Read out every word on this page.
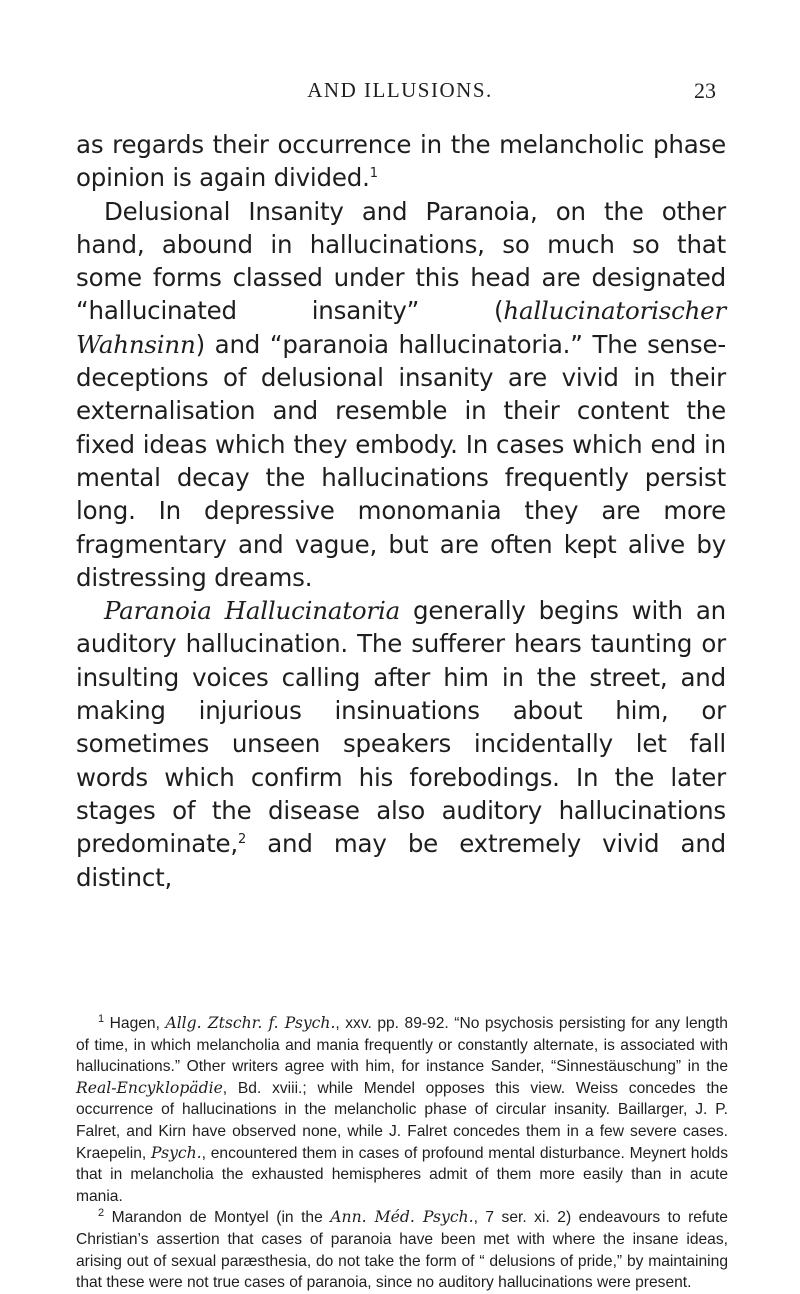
AND ILLUSIONS.	23

as regards their occurrence in the melancholic phase opinion is again divided.$^1$

Delusional Insanity and Paranoia, on the other hand, abound in hallucinations, so much so that some forms classed under this head are designated “hallucinated insanity” (hallucinatorischer Wahnsinn) and “paranoia hallucinatoria.” The sense-deceptions of delusional insanity are vivid in their externalisation and resemble in their content the fixed ideas which they embody. In cases which end in mental decay the hallucinations frequently persist long. In depressive monomania they are more fragmentary and vague, but are often kept alive by distressing dreams.

Paranoia Hallucinatoria generally begins with an auditory hallucination. The sufferer hears taunting or insulting voices calling after him in the street, and making injurious insinuations about him, or sometimes unseen speakers incidentally let fall words which confirm his forebodings. In the later stages of the disease also auditory hallucinations predominate,$^2$ and may be extremely vivid and distinct,

$^1$ Hagen, Allg. Ztschr. f. Psych., xxv. pp. 89-92. “No psychosis persisting for any length of time, in which melancholia and mania frequently or constantly alternate, is associated with hallucinations.” Other writers agree with him, for instance Sander, “Sinnestäuschung” in the Real-Encyklopädie, Bd. xviii.; while Mendel opposes this view. Weiss concedes the occurrence of hallucinations in the melancholic phase of circular insanity. Baillarger, J. P. Falret, and Kirn have observed none, while J. Falret concedes them in a few severe cases. Kraepelin, Psych., encountered them in cases of profound mental disturbance. Meynert holds that in melancholia the exhausted hemispheres admit of them more easily than in acute mania.

$^2$ Marandon de Montyel (in the Ann. Méd. Psych., 7 ser. xi. 2) endeavours to refute Christian’s assertion that cases of paranoia have been met with where the insane ideas, arising out of sexual paræsthesia, do not take the form of “ delusions of pride,” by maintaining that these were not true cases of paranoia, since no auditory hallucinations were present.
